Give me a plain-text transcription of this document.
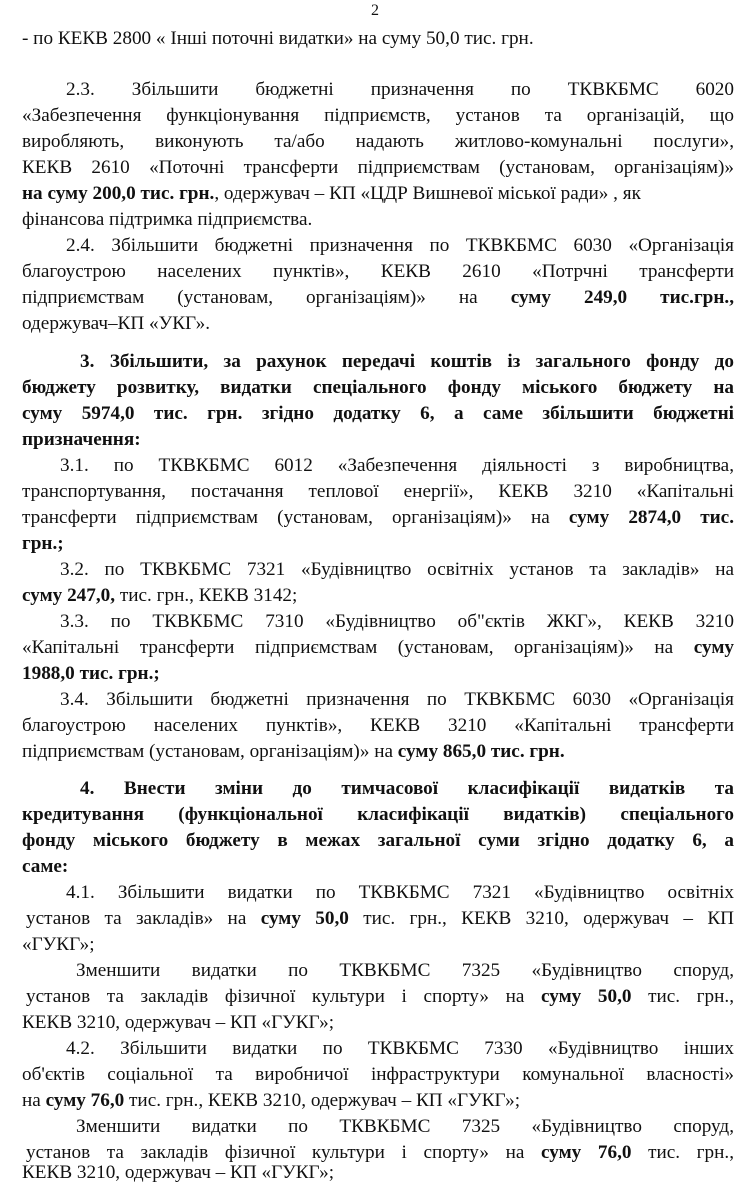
2
- по КЕКВ 2800 « Інші поточні видатки» на суму 50,0 тис. грн.
2.3. Збільшити бюджетні призначення по ТКВКБМС 6020
«Забезпечення функціонування підприємств, установ та організацій, що
виробляють, виконують та/або надають житлово-комунальні послуги»,
КЕКВ 2610 «Поточні трансферти підприємствам (установам, організаціям)»
на суму 200,0 тис. грн., одержувач – КП «ЦДР Вишневої міської ради» , як
фінансова підтримка підприємства.
2.4. Збільшити бюджетні призначення по ТКВКБМС 6030 «Організація
благоустрою населених пунктів», КЕКВ 2610 «Потрчні трансферти
підприємствам (установам, організаціям)» на суму 249,0 тис.грн.,
одержувач–КП «УКГ».
3. Збільшити, за рахунок передачі коштів із загального фонду до
бюджету розвитку, видатки спеціального фонду міського бюджету на
суму 5974,0 тис. грн. згідно додатку 6, а саме збільшити бюджетні
призначення:
3.1. по ТКВКБМС 6012 «Забезпечення діяльності з виробництва,
транспортування, постачання теплової енергії», КЕКВ 3210 «Капітальні
трансферти підприємствам (установам, організаціям)» на суму 2874,0 тис.
грн.;
3.2. по ТКВКБМС 7321 «Будівництво освітніх установ та закладів» на
суму 247,0, тис. грн., КЕКВ 3142;
3.3. по ТКВКБМС 7310 «Будівництво об"єктів ЖКГ», КЕКВ 3210
«Капітальні трансферти підприємствам (установам, організаціям)» на суму
1988,0 тис. грн.;
3.4. Збільшити бюджетні призначення по ТКВКБМС 6030 «Організація
благоустрою населених пунктів», КЕКВ 3210 «Капітальні трансферти
підприємствам (установам, організаціям)» на суму 865,0 тис. грн.
4. Внести зміни до тимчасової класифікації видатків та
кредитування (функціональної класифікації видатків) спеціального
фонду міського бюджету в межах загальної суми згідно додатку 6, а
саме:
4.1. Збільшити видатки по ТКВКБМС 7321 «Будівництво освітніх
установ та закладів» на суму 50,0 тис. грн., КЕКВ 3210, одержувач – КП
«ГУКГ»;
Зменшити видатки по ТКВКБМС 7325 «Будівництво споруд,
установ та закладів фізичної культури і спорту» на суму 50,0 тис. грн.,
КЕКВ 3210, одержувач – КП «ГУКГ»;
4.2. Збільшити видатки по ТКВКБМС 7330 «Будівництво інших
об'єктів соціальної та виробничої інфраструктури комунальної власності»
на суму 76,0 тис. грн., КЕКВ 3210, одержувач – КП «ГУКГ»;
Зменшити видатки по ТКВКБМС 7325 «Будівництво споруд,
установ та закладів фізичної культури і спорту» на суму 76,0 тис. грн.,
КЕКВ 3210, одержувач – КП «ГУКГ»;
